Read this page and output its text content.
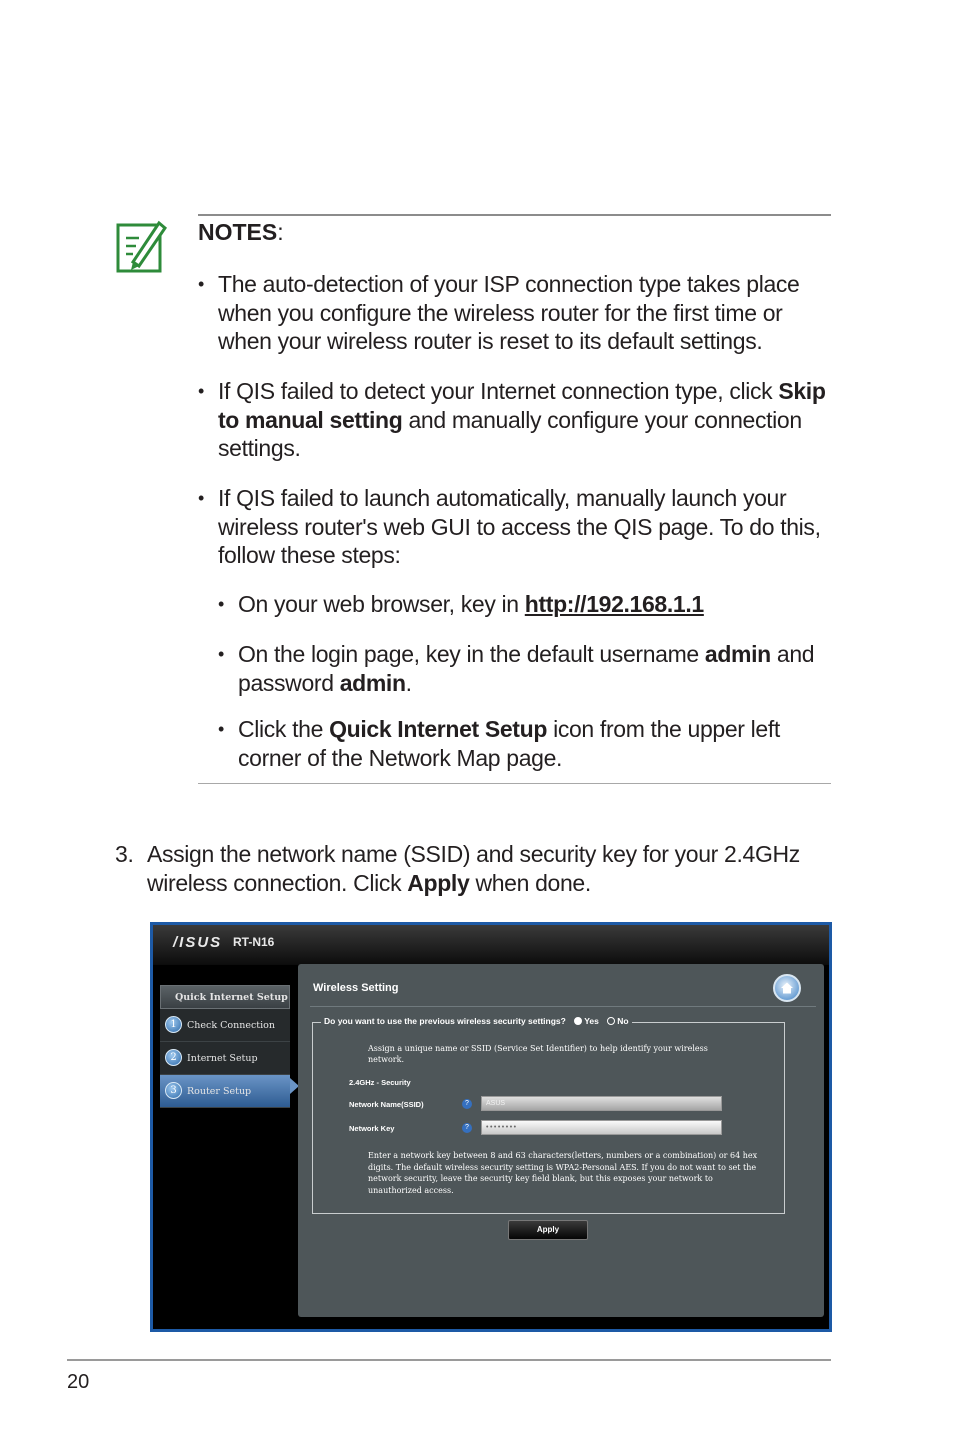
NOTES:
• The auto-detection of your ISP connection type takes place when you configure the wireless router for the first time or when your wireless router is reset to its default settings.
• If QIS failed to detect your Internet connection type, click Skip to manual setting and manually configure your connection settings.
• If QIS failed to launch automatically, manually launch your wireless router's web GUI to access the QIS page. To do this, follow these steps:
• On your web browser, key in http://192.168.1.1
• On the login page, key in the default username admin and password admin.
• Click the Quick Internet Setup icon from the upper left corner of the Network Map page.
3. Assign the network name (SSID) and security key for your 2.4GHz wireless connection. Click Apply when done.
/ISUS RT-N16
Quick Internet Setup
1	Check Connection
2	Internet Setup
3	Router Setup
Wireless Setting
Do you want to use the previous wireless security settings? Yes No
Assign a unique name or SSID (Service Set Identifier) to help identify your wireless network.
2.4GHz - Security
Network Name(SSID)	?	ASUS
Network Key	?	••••••••
Enter a network key between 8 and 63 characters(letters, numbers or a combination) or 64 hex digits. The default wireless security setting is WPA2-Personal AES. If you do not want to set the network security, leave the security key field blank, but this exposes your network to unauthorized access.
Apply
20
